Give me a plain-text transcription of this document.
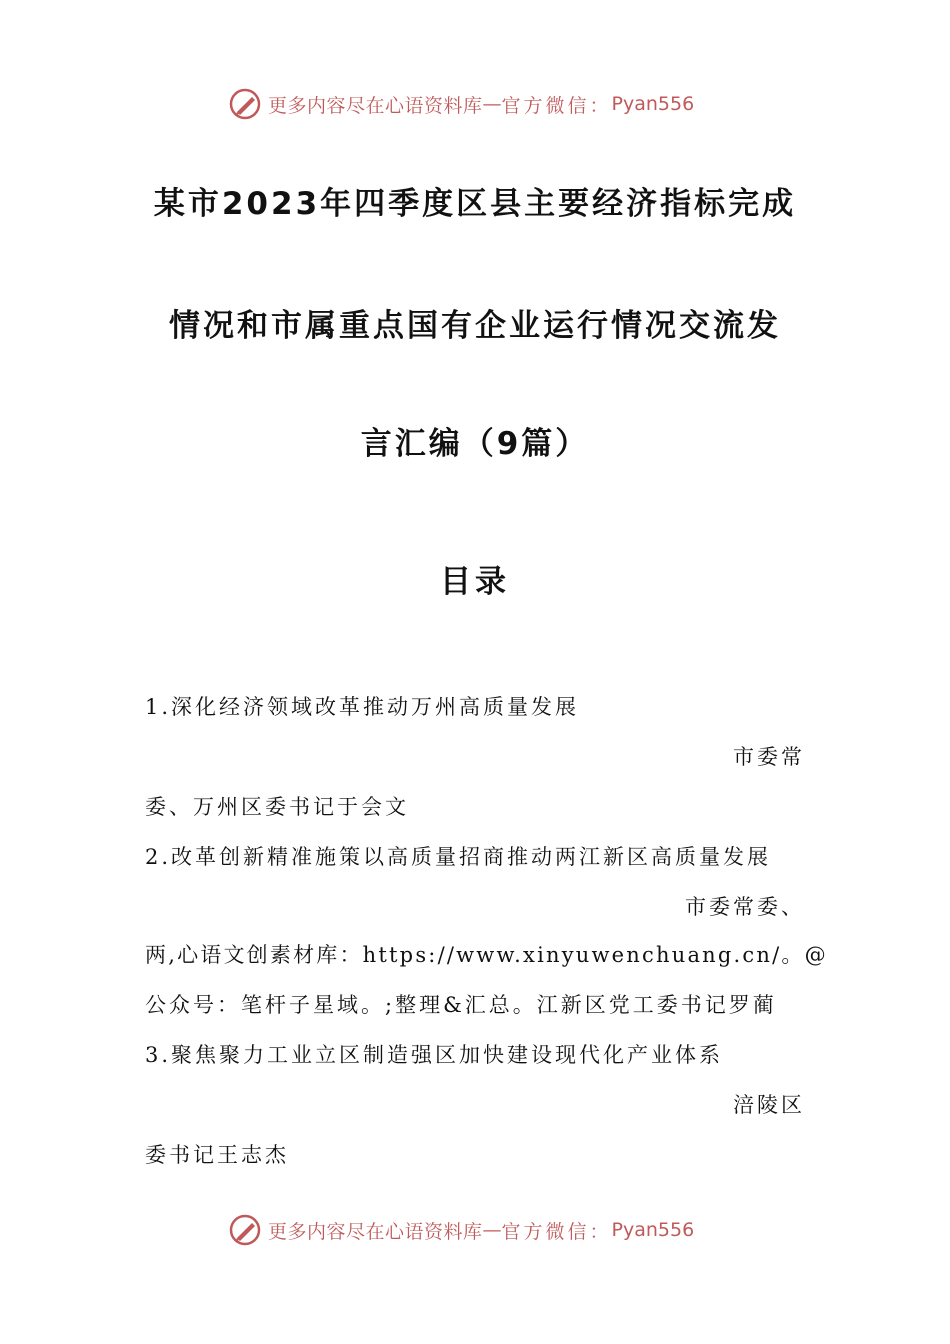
更多内容尽在心语资料库 — 官方微信： Pyan556
某市2023年四季度区县主要经济指标完成
情况和市属重点国有企业运行情况交流发
言汇编（9篇）
目录
1.深化经济领域改革推动万州高质量发展
市委常
委、万州区委书记于会文
2.改革创新精准施策以高质量招商推动两江新区高质量发展
市委常委、
两,心语文创素材库：https://www.xinyuwenchuang.cn/。@
公众号：笔杆子星域。;整理&汇总。江新区党工委书记罗蔺
3.聚焦聚力工业立区制造强区加快建设现代化产业体系
涪陵区
委书记王志杰
更多内容尽在心语资料库 — 官方微信： Pyan556
